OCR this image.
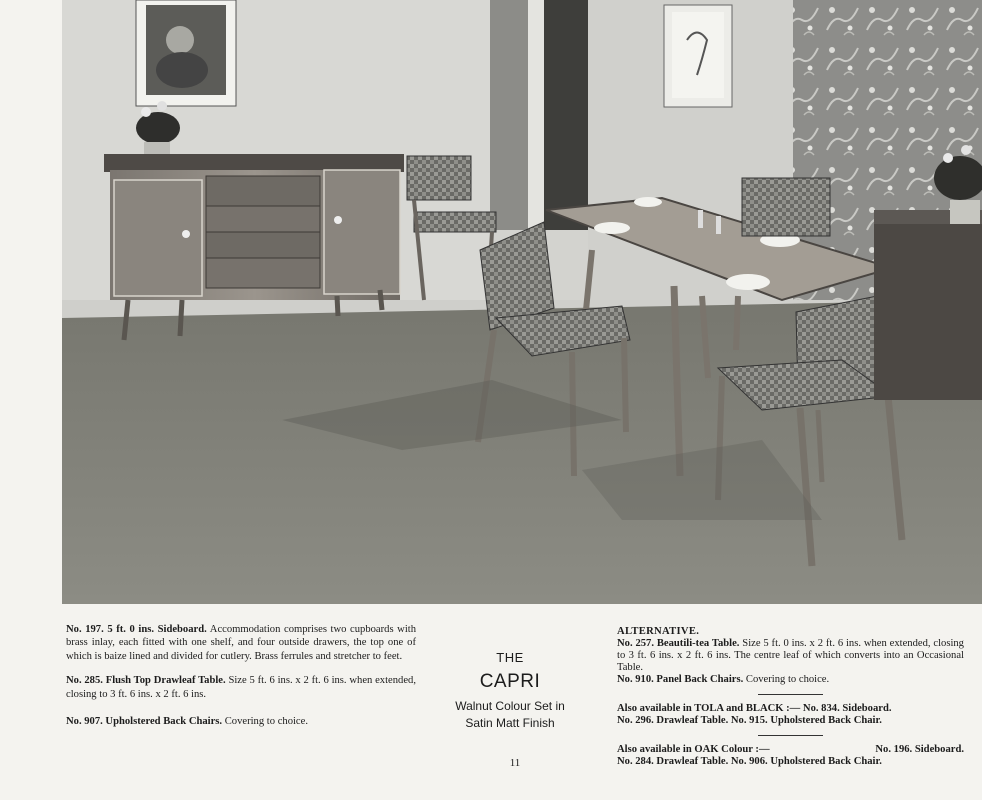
No. 197. 5 ft. 0 ins. Sideboard. Accommodation comprises two cupboards with brass inlay, each fitted with one shelf, and four outside drawers, the top one of which is baize lined and divided for cutlery. Brass ferrules and stretcher to feet.

No. 285. Flush Top Drawleaf Table. Size 5 ft. 6 ins. x 2 ft. 6 ins. when extended, closing to 3 ft. 6 ins. x 2 ft. 6 ins.

No. 907. Upholstered Back Chairs. Covering to choice.

THE
CAPRI
Walnut Colour Set in
Satin Matt Finish
11

ALTERNATIVE.

No. 257. Beautili-tea Table. Size 5 ft. 0 ins. x 2 ft. 6 ins. when extended, closing to 3 ft. 6 ins. x 2 ft. 6 ins. The centre leaf of which converts into an Occasional Table.

No. 910. Panel Back Chairs. Covering to choice.

Also available in TOLA and BLACK :— No. 834. Sideboard.

No. 296. Drawleaf Table. No. 915. Upholstered Back Chair.

Also available in OAK Colour :—	No. 196. Sideboard.

No. 284. Drawleaf Table. No. 906. Upholstered Back Chair.
